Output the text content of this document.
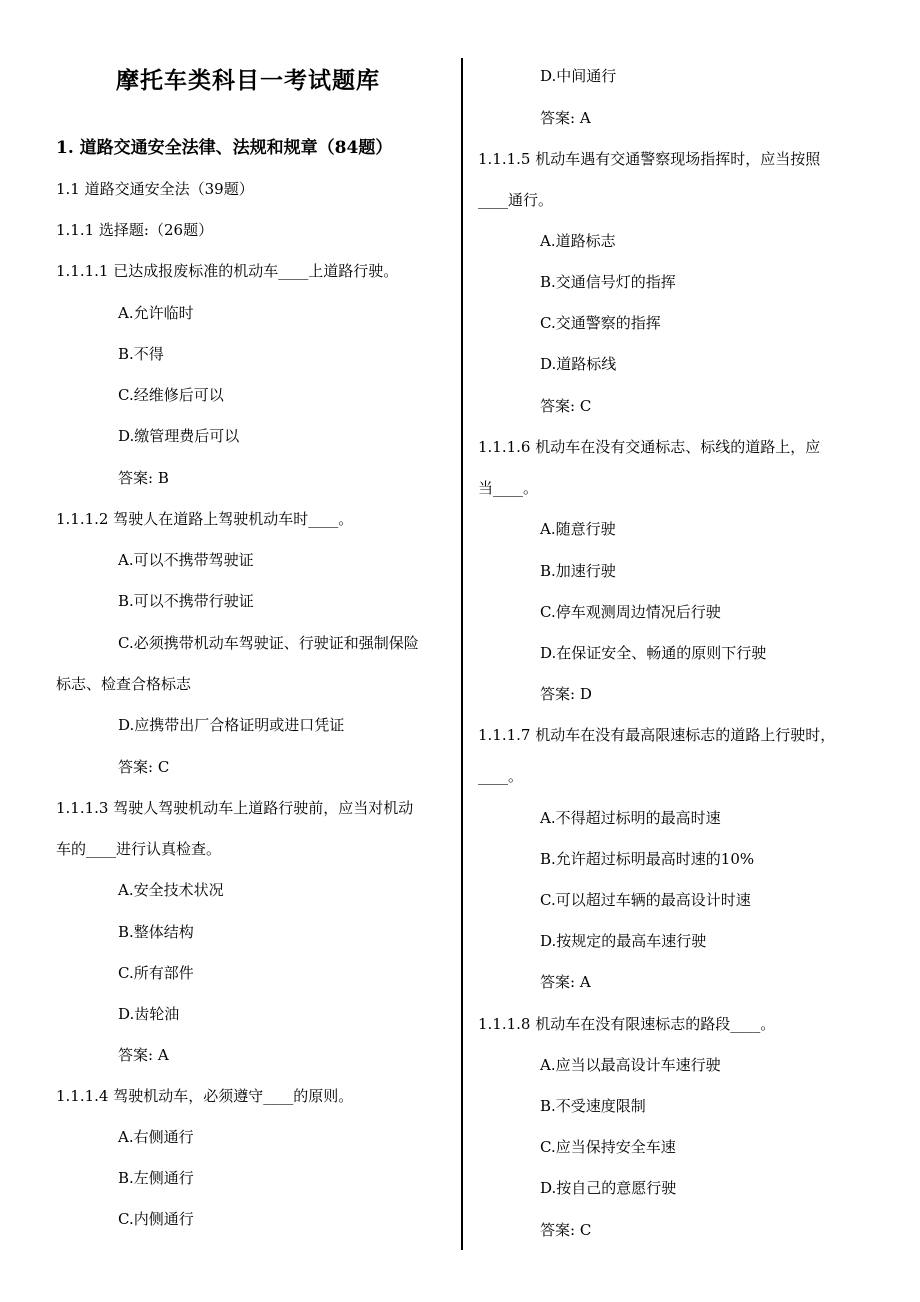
摩托车类科目一考试题库
1. 道路交通安全法律、法规和规章（84题）
1.1 道路交通安全法（39题）
1.1.1 选择题:（26题）
1.1.1.1 已达成报废标准的机动车____上道路行驶。
A.允许临时
B.不得
C.经维修后可以
D.缴管理费后可以
答案: B
1.1.1.2 驾驶人在道路上驾驶机动车时____。
A.可以不携带驾驶证
B.可以不携带行驶证
C.必须携带机动车驾驶证、行驶证和强制保险
标志、检查合格标志
D.应携带出厂合格证明或进口凭证
答案: C
1.1.1.3 驾驶人驾驶机动车上道路行驶前，应当对机动
车的____进行认真检查。
A.安全技术状况
B.整体结构
C.所有部件
D.齿轮油
答案: A
1.1.1.4 驾驶机动车，必须遵守____的原则。
A.右侧通行
B.左侧通行
C.内侧通行
D.中间通行
答案: A
1.1.1.5 机动车遇有交通警察现场指挥时，应当按照
____通行。
A.道路标志
B.交通信号灯的指挥
C.交通警察的指挥
D.道路标线
答案: C
1.1.1.6 机动车在没有交通标志、标线的道路上，应
当____。
A.随意行驶
B.加速行驶
C.停车观测周边情况后行驶
D.在保证安全、畅通的原则下行驶
答案: D
1.1.1.7 机动车在没有最高限速标志的道路上行驶时，
____。
A.不得超过标明的最高时速
B.允许超过标明最高时速的10%
C.可以超过车辆的最高设计时速
D.按规定的最高车速行驶
答案: A
1.1.1.8 机动车在没有限速标志的路段____。
A.应当以最高设计车速行驶
B.不受速度限制
C.应当保持安全车速
D.按自己的意愿行驶
答案: C
